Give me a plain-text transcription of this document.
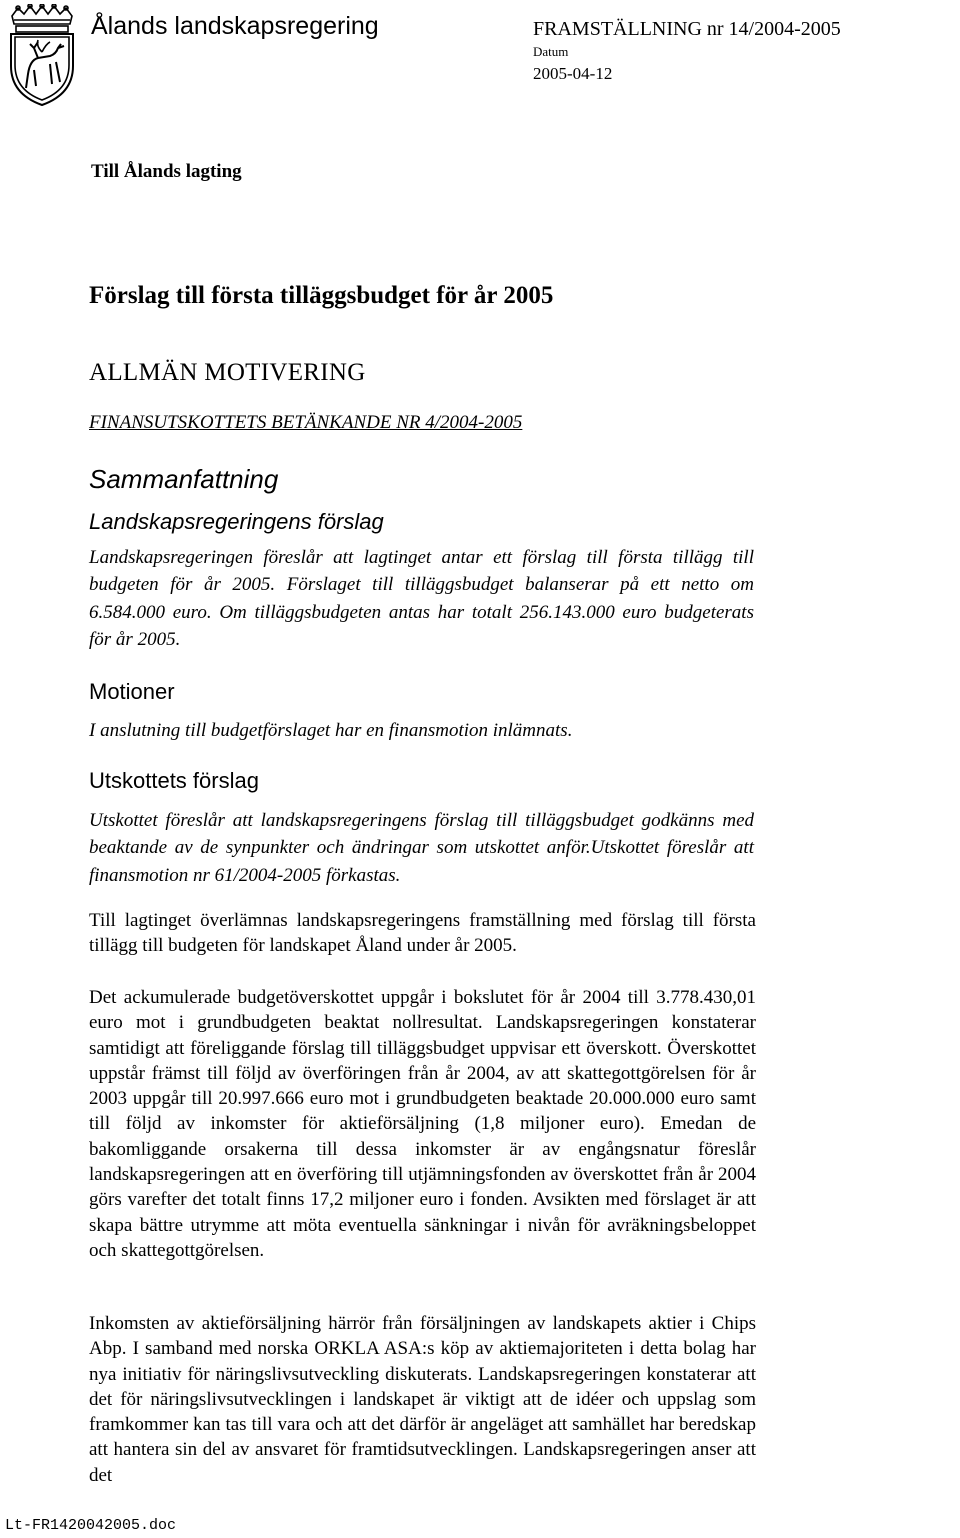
Ålands landskapsregering	FRAMSTÄLLNING nr 14/2004-2005
Datum
2005-04-12
Till Ålands lagting
Förslag till första tilläggsbudget för år 2005
ALLMÄN MOTIVERING
FINANSUTSKOTTETS BETÄNKANDE NR 4/2004-2005
Sammanfattning
Landskapsregeringens förslag
Landskapsregeringen föreslår att lagtinget antar ett förslag till första tillägg till budgeten för år 2005. Förslaget till tilläggsbudget balanserar på ett netto om 6.584.000 euro. Om tilläggsbudgeten antas har totalt 256.143.000 euro budgeterats för år 2005.
Motioner
I anslutning till budgetförslaget har en finansmotion inlämnats.
Utskottets förslag
Utskottet föreslår att landskapsregeringens förslag till tilläggsbudget godkänns med beaktande av de synpunkter och ändringar som utskottet anför.Utskottet föreslår att finansmotion nr 61/2004-2005 förkastas.
Till lagtinget överlämnas landskapsregeringens framställning med förslag till första tillägg till budgeten för landskapet Åland under år 2005.
Det ackumulerade budgetöverskottet uppgår i bokslutet för år 2004 till 3.778.430,01 euro mot i grundbudgeten beaktat nollresultat. Landskapsregeringen konstaterar samtidigt att föreliggande förslag till tilläggsbudget uppvisar ett överskott. Överskottet uppstår främst till följd av överföringen från år 2004, av att skattegottgörelsen för år 2003 uppgår till 20.997.666 euro mot i grundbudgeten beaktade 20.000.000 euro samt till följd av inkomster för aktieförsäljning (1,8 miljoner euro). Emedan de bakomliggande orsakerna till dessa inkomster är av engångsnatur föreslår landskapsregeringen att en överföring till utjämningsfonden av överskottet från år 2004 görs varefter det totalt finns 17,2 miljoner euro i fonden. Avsikten med förslaget är att skapa bättre utrymme att möta eventuella sänkningar i nivån för avräkningsbeloppet och skattegottgörelsen.
Inkomsten av aktieförsäljning härrör från försäljningen av landskapets aktier i Chips Abp. I samband med norska ORKLA ASA:s köp av aktiemajoriteten i detta bolag har nya initiativ för näringslivsutveckling diskuterats. Landskapsregeringen konstaterar att det för näringslivsutvecklingen i landskapet är viktigt att de idéer och uppslag som framkommer kan tas till vara och att det därför är angeläget att samhället har beredskap att hantera sin del av ansvaret för framtidsutvecklingen. Landskapsregeringen anser att det
Lt-FR1420042005.doc
